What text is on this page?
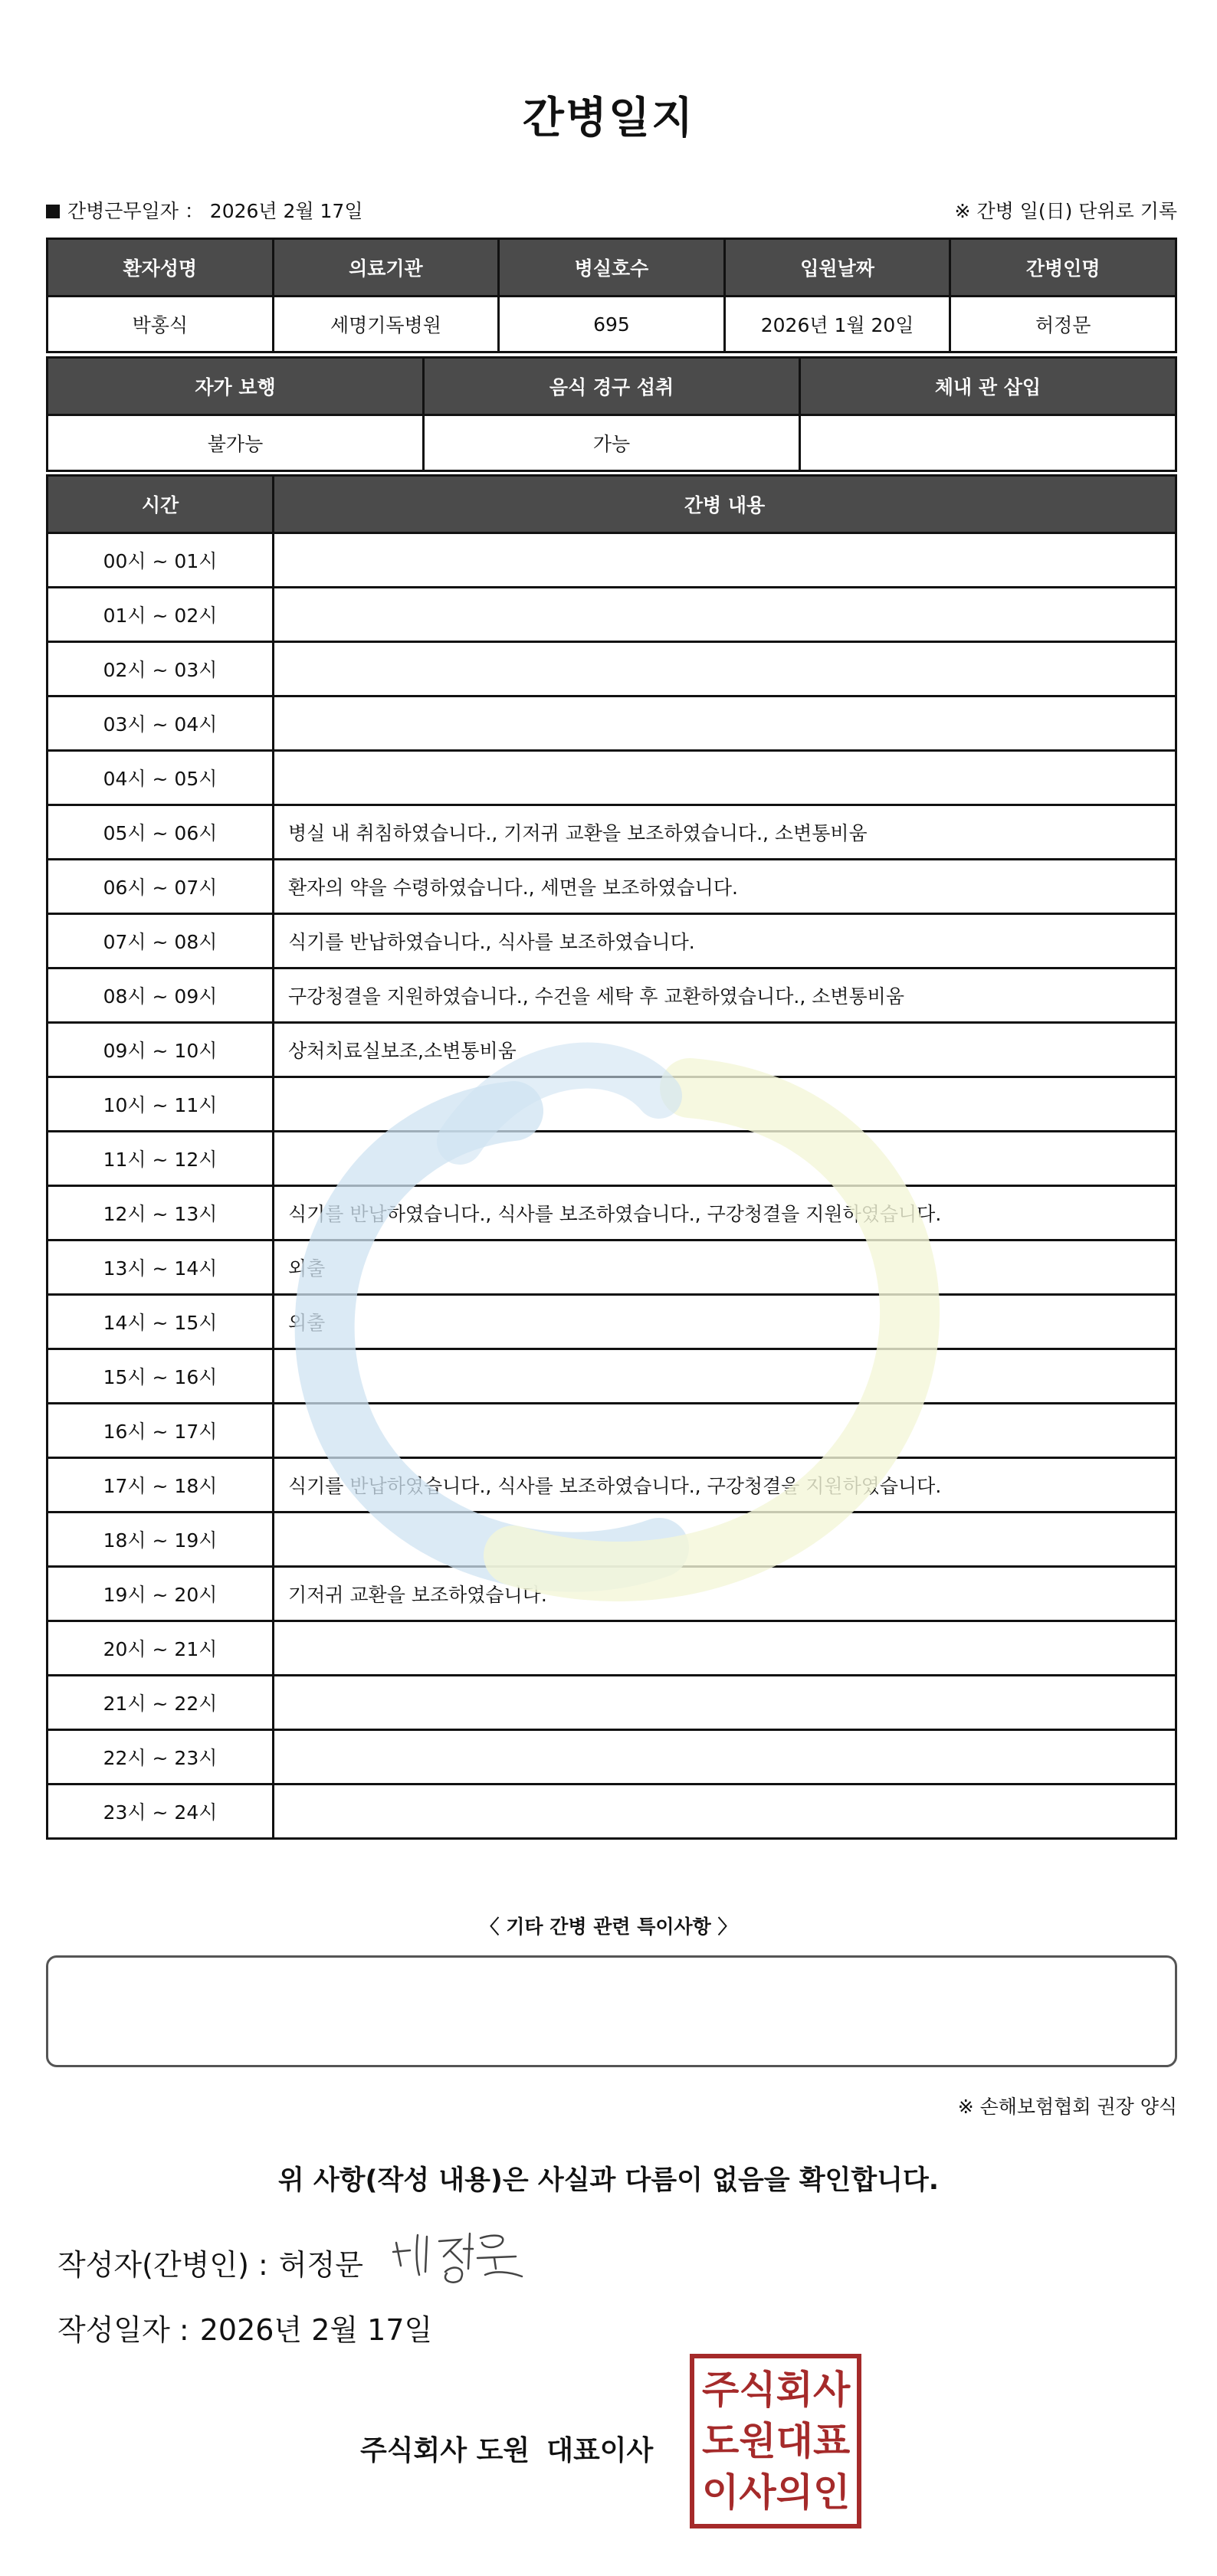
간병일지
간병근무일자 ： 2026년 2월 17일	※ 간병 일(日) 단위로 기록
환자성명	의료기관	병실호수	입원날짜	간병인명
박홍식	세명기독병원	695	2026년 1월 20일	허정문
자가 보행	음식 경구 섭취	체내 관 삽입
불가능	가능	
시간	간병 내용
00시 ~ 01시	
01시 ~ 02시	
02시 ~ 03시	
03시 ~ 04시	
04시 ~ 05시	
05시 ~ 06시	병실 내 취침하였습니다., 기저귀 교환을 보조하였습니다., 소변통비움
06시 ~ 07시	환자의 약을 수령하였습니다., 세면을 보조하였습니다.
07시 ~ 08시	식기를 반납하였습니다., 식사를 보조하였습니다.
08시 ~ 09시	구강청결을 지원하였습니다., 수건을 세탁 후 교환하였습니다., 소변통비움
09시 ~ 10시	상처치료실보조,소변통비움
10시 ~ 11시	
11시 ~ 12시	
12시 ~ 13시	식기를 반납하였습니다., 식사를 보조하였습니다., 구강청결을 지원하였습니다.
13시 ~ 14시	외출
14시 ~ 15시	외출
15시 ~ 16시	
16시 ~ 17시	
17시 ~ 18시	식기를 반납하였습니다., 식사를 보조하였습니다., 구강청결을 지원하였습니다.
18시 ~ 19시	
19시 ~ 20시	기저귀 교환을 보조하였습니다.
20시 ~ 21시	
21시 ~ 22시	
22시 ~ 23시	
23시 ~ 24시	
〈 기타 간병 관련 특이사항 〉
※ 손해보험협회 권장 양식
위 사항(작성 내용)은 사실과 다름이 없음을 확인합니다.
작성자(간병인) : 허정문
작성일자 : 2026년 2월 17일
주식회사 도원 대표이사
주 식 회 사
도 원 대 표
이 사 의 인
